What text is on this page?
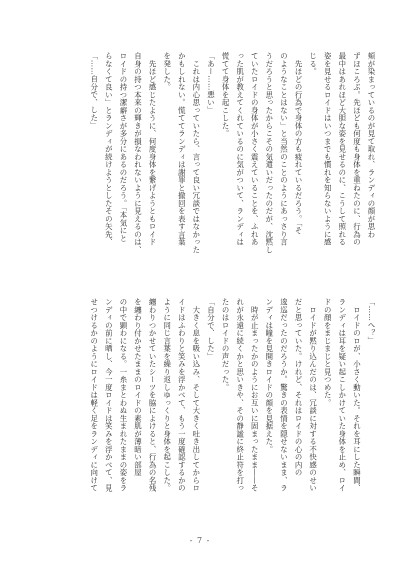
頬が染まっているのが見て取れ、ランディの顔が思わ
ずほころぶ。先ほども何度も身体を重ねたのに、行為の
最中はあれほど大胆な姿を見せるのに、こうして照れる
姿を見せるロイドはいつまでも慣れを知らないように感
じる。
　先ほどの行為で身体の方も疲れているだろう。「そ
のようなことはない」と当然のことのようにあっさり言
うだろうと思ったからこその気遣いだったのだが、沈黙し
ていたロイドの身体が小さく震えていることを、ふれあ
った肌が教えてくれているのに気がついて、ランディは
慌てて身体を起こした。
「あー……悪い」
　これは内心思っていたら、言って良い冗談ではなかった
かもしれない。慌ててランディは謝罪と撤回を表す言葉
を発した。
　先ほど感じたように、何度身体を繋げようともロイド
自身の持つ本来の輝きが損なわれないように見えるのは、
ロイドの持つ潔癖さが多分にあるのだろう。「本気にと
らなくて良い」とランディが続けようとしたその矢先、
「……自分で、した」
「……へ？」
　ロイドのロが、小さく動いた。それを耳にした瞬間、
ランディは耳を疑い起こしかけていた身体を止め、ロイ
ドの顔をまじまじと見つめた。
　ロイドが黙り込んだのは、冗談に対する不快感のせい
だと思っていた。けれど、それはロイドの心の内の
逡巡だったのだろうか。驚きの表情を隠せないまま、ラ
ンディは瞳を見開きロイドの顔を見据えた。
　時が止まったかのようにお互いに固まったまま――そ
れが永遠に続くかと思いきや、その静謐に終止符を打っ
たのはロイドの声だった。
「自分で、した」
　大きく息を吸い込み、そして大きく吐き出してからロ
イドはふわりと笑みを浮かべて、もう一度確認するかの
ように同じ言葉を繰り返しゆっくりと身体を起こした。
纏わりつかせていたシーツを脇によけると、行為の名残
を纏わり付かせたままのロイドの素肌が薄暗い部屋
の中で顕わになる。一糸まとわぬ生まれたままの姿をラ
ンディの前に晒し、今一度ロイドは笑みを浮かべて、見
せつけるかのようにロイドは軽く足をランディに向けて
- 7 -
